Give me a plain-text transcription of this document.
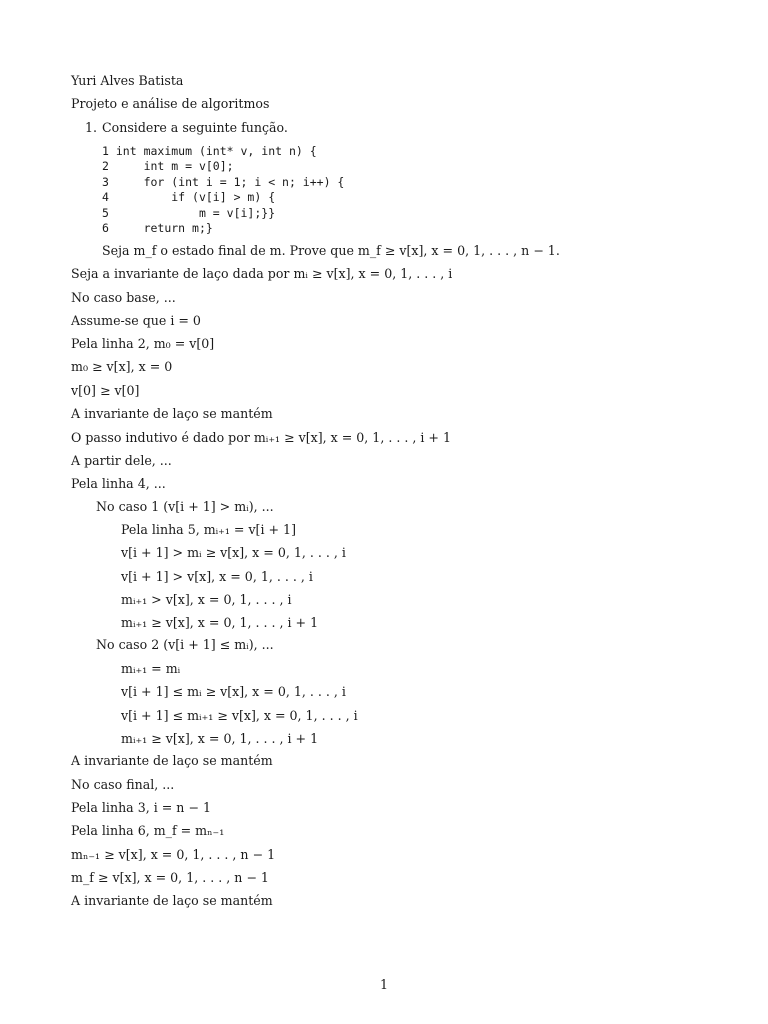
Yuri Alves Batista
Projeto e análise de algoritmos
1. Considere a seguinte função.
1 int maximum (int* v, int n) {
2     int m = v[0];
3     for (int i = 1; i < n; i++) {
4         if (v[i] > m) {
5             m = v[i];}}
6     return m;}
Seja m_f o estado final de m. Prove que m_f ≥ v[x], x = 0, 1, . . . , n − 1.
Seja a invariante de laço dada por mᵢ ≥ v[x], x = 0, 1, . . . , i
No caso base, ...
Assume-se que i = 0
Pela linha 2, m₀ = v[0]
m₀ ≥ v[x], x = 0
v[0] ≥ v[0]
A invariante de laço se mantém
O passo indutivo é dado por mᵢ₊₁ ≥ v[x], x = 0, 1, . . . , i + 1
A partir dele, ...
Pela linha 4, ...
No caso 1 (v[i + 1] > mᵢ), ...
Pela linha 5, mᵢ₊₁ = v[i + 1]
v[i + 1] > mᵢ ≥ v[x], x = 0, 1, . . . , i
v[i + 1] > v[x], x = 0, 1, . . . , i
mᵢ₊₁ > v[x], x = 0, 1, . . . , i
mᵢ₊₁ ≥ v[x], x = 0, 1, . . . , i + 1
No caso 2 (v[i + 1] ≤ mᵢ), ...
mᵢ₊₁ = mᵢ
v[i + 1] ≤ mᵢ ≥ v[x], x = 0, 1, . . . , i
v[i + 1] ≤ mᵢ₊₁ ≥ v[x], x = 0, 1, . . . , i
mᵢ₊₁ ≥ v[x], x = 0, 1, . . . , i + 1
A invariante de laço se mantém
No caso final, ...
Pela linha 3, i = n − 1
Pela linha 6, m_f = mₙ₋₁
mₙ₋₁ ≥ v[x], x = 0, 1, . . . , n − 1
m_f ≥ v[x], x = 0, 1, . . . , n − 1
A invariante de laço se mantém
1
